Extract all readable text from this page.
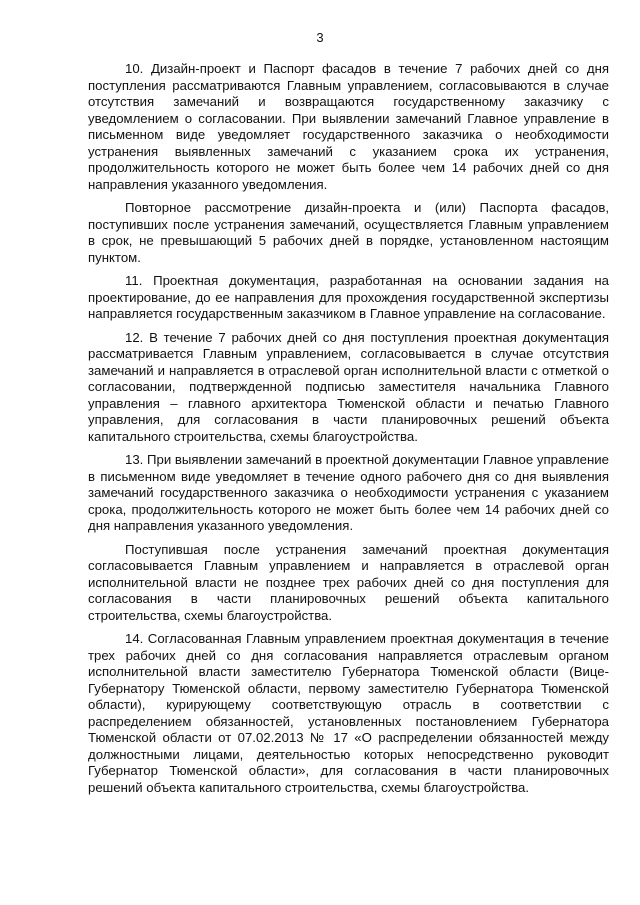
3

10. Дизайн-проект и Паспорт фасадов в течение 7 рабочих дней со дня поступления рассматриваются Главным управлением, согласовываются в случае отсутствия замечаний и возвращаются государственному заказчику с уведомлением о согласовании. При выявлении замечаний Главное управление в письменном виде уведомляет государственного заказчика о необходимости устранения выявленных замечаний с указанием срока их устранения, продолжительность которого не может быть более чем 14 рабочих дней со дня направления указанного уведомления.

Повторное рассмотрение дизайн-проекта и (или) Паспорта фасадов, поступивших после устранения замечаний, осуществляется Главным управлением в срок, не превышающий 5 рабочих дней в порядке, установленном настоящим пунктом.

11. Проектная документация, разработанная на основании задания на проектирование, до ее направления для прохождения государственной экспертизы направляется государственным заказчиком в Главное управление на согласование.

12. В течение 7 рабочих дней со дня поступления проектная документация рассматривается Главным управлением, согласовывается в случае отсутствия замечаний и направляется в отраслевой орган исполнительной власти с отметкой о согласовании, подтвержденной подписью заместителя начальника Главного управления – главного архитектора Тюменской области и печатью Главного управления, для согласования в части планировочных решений объекта капитального строительства, схемы благоустройства.

13. При выявлении замечаний в проектной документации Главное управление в письменном виде уведомляет в течение одного рабочего дня со дня выявления замечаний государственного заказчика о необходимости устранения с указанием срока, продолжительность которого не может быть более чем 14 рабочих дней со дня направления указанного уведомления.

Поступившая после устранения замечаний проектная документация согласовывается Главным управлением и направляется в отраслевой орган исполнительной власти не позднее трех рабочих дней со дня поступления для согласования в части планировочных решений объекта капитального строительства, схемы благоустройства.

14. Согласованная Главным управлением проектная документация в течение трех рабочих дней со дня согласования направляется отраслевым органом исполнительной власти заместителю Губернатора Тюменской области (Вице-Губернатору Тюменской области, первому заместителю Губернатора Тюменской области), курирующему соответствующую отрасль в соответствии с распределением обязанностей, установленных постановлением Губернатора Тюменской области от 07.02.2013 № 17 «О распределении обязанностей между должностными лицами, деятельностью которых непосредственно руководит Губернатор Тюменской области», для согласования в части планировочных решений объекта капитального строительства, схемы благоустройства.
